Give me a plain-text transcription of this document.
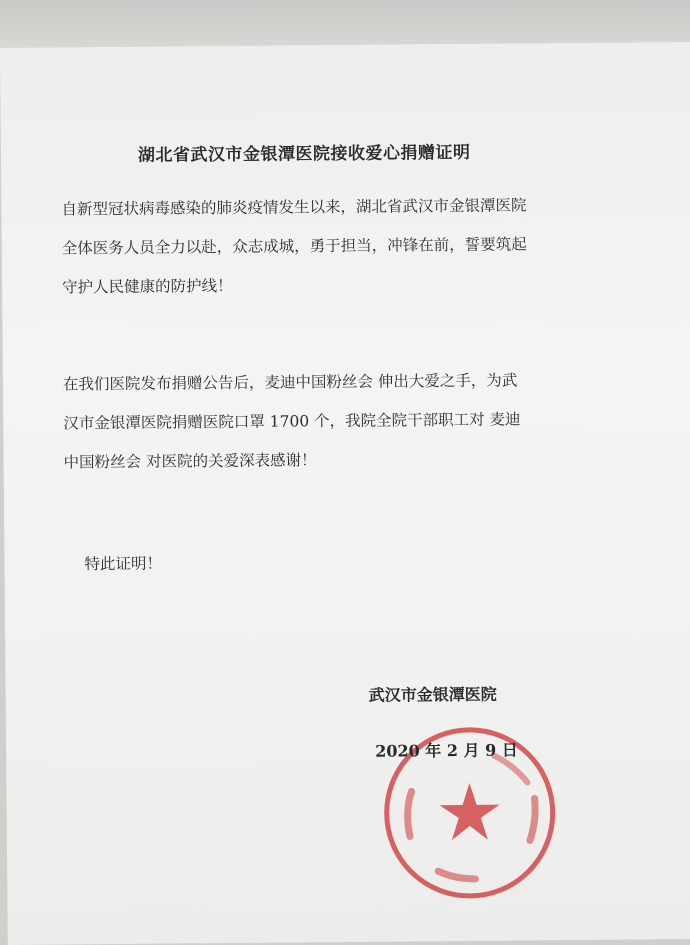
湖北省武汉市金银潭医院接收爱心捐赠证明

自新型冠状病毒感染的肺炎疫情发生以来，湖北省武汉市金银潭医院
全体医务人员全力以赴，众志成城，勇于担当，冲锋在前，誓要筑起
守护人民健康的防护线！

在我们医院发布捐赠公告后，麦迪中国粉丝会 伸出大爱之手，为武
汉市金银潭医院捐赠医院口罩 1700 个，我院全院干部职工对 麦迪
中国粉丝会 对医院的关爱深表感谢！

特此证明！

武汉市金银潭医院
2020 年 2 月 9 日
